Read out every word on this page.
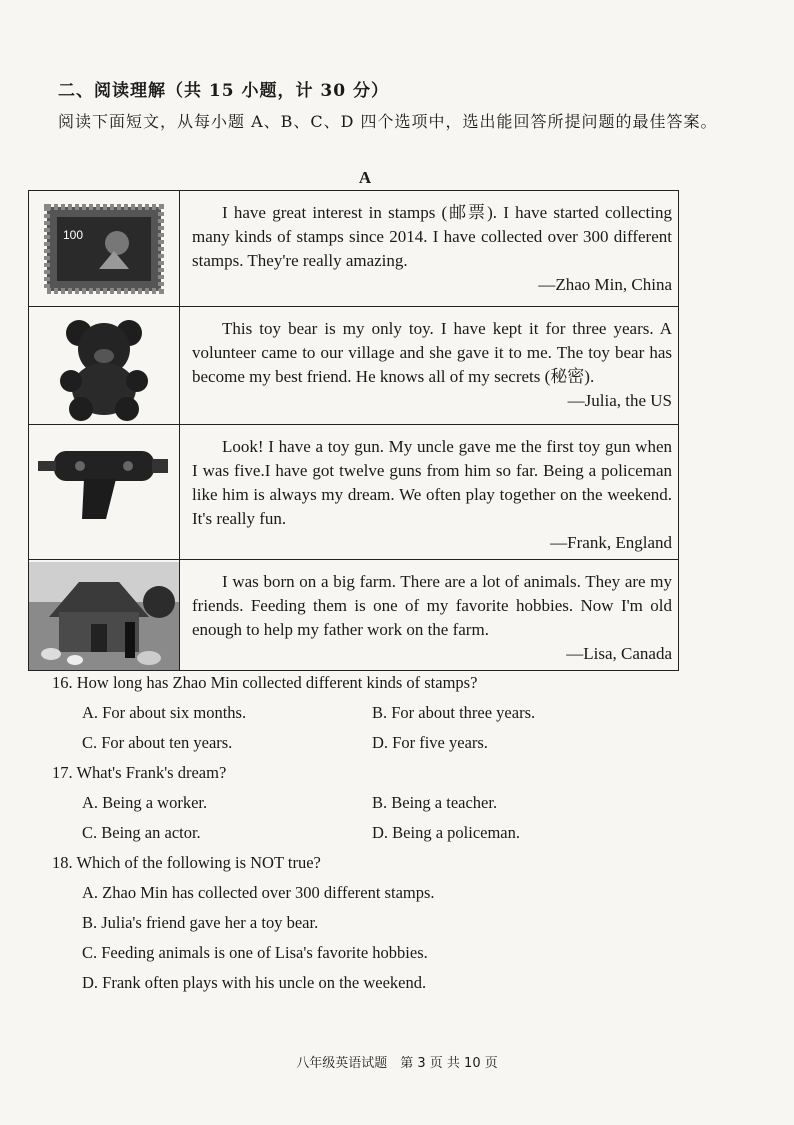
二、阅读理解（共 15 小题，计 30 分）
阅读下面短文，从每小题 A、B、C、D 四个选项中，选出能回答所提问题的最佳答案。
A
100	I have great interest in stamps (邮票). I have started collecting many kinds of stamps since 2014. I have collected over 300 different stamps. They're really amazing.
—Zhao Min, China

This toy bear is my only toy. I have kept it for three years. A volunteer came to our village and she gave it to me. The toy bear has become my best friend. He knows all of my secrets (秘密).
—Julia, the US

Look! I have a toy gun. My uncle gave me the first toy gun when I was five.I have got twelve guns from him so far. Being a policeman like him is always my dream. We often play together on the weekend. It's really fun.
—Frank, England

I was born on a big farm. There are a lot of animals. They are my friends. Feeding them is one of my favorite hobbies. Now I'm old enough to help my father work on the farm.
—Lisa, Canada
16. How long has Zhao Min collected different kinds of stamps?
A. For about six months.	B. For about three years.
C. For about ten years.	D. For five years.
17. What's Frank's dream?
A. Being a worker.	B. Being a teacher.
C. Being an actor.	D. Being a policeman.
18. Which of the following is NOT true?
A. Zhao Min has collected over 300 different stamps.
B. Julia's friend gave her a toy bear.
C. Feeding animals is one of Lisa's favorite hobbies.
D. Frank often plays with his uncle on the weekend.
八年级英语试题　第 3 页 共 10 页
